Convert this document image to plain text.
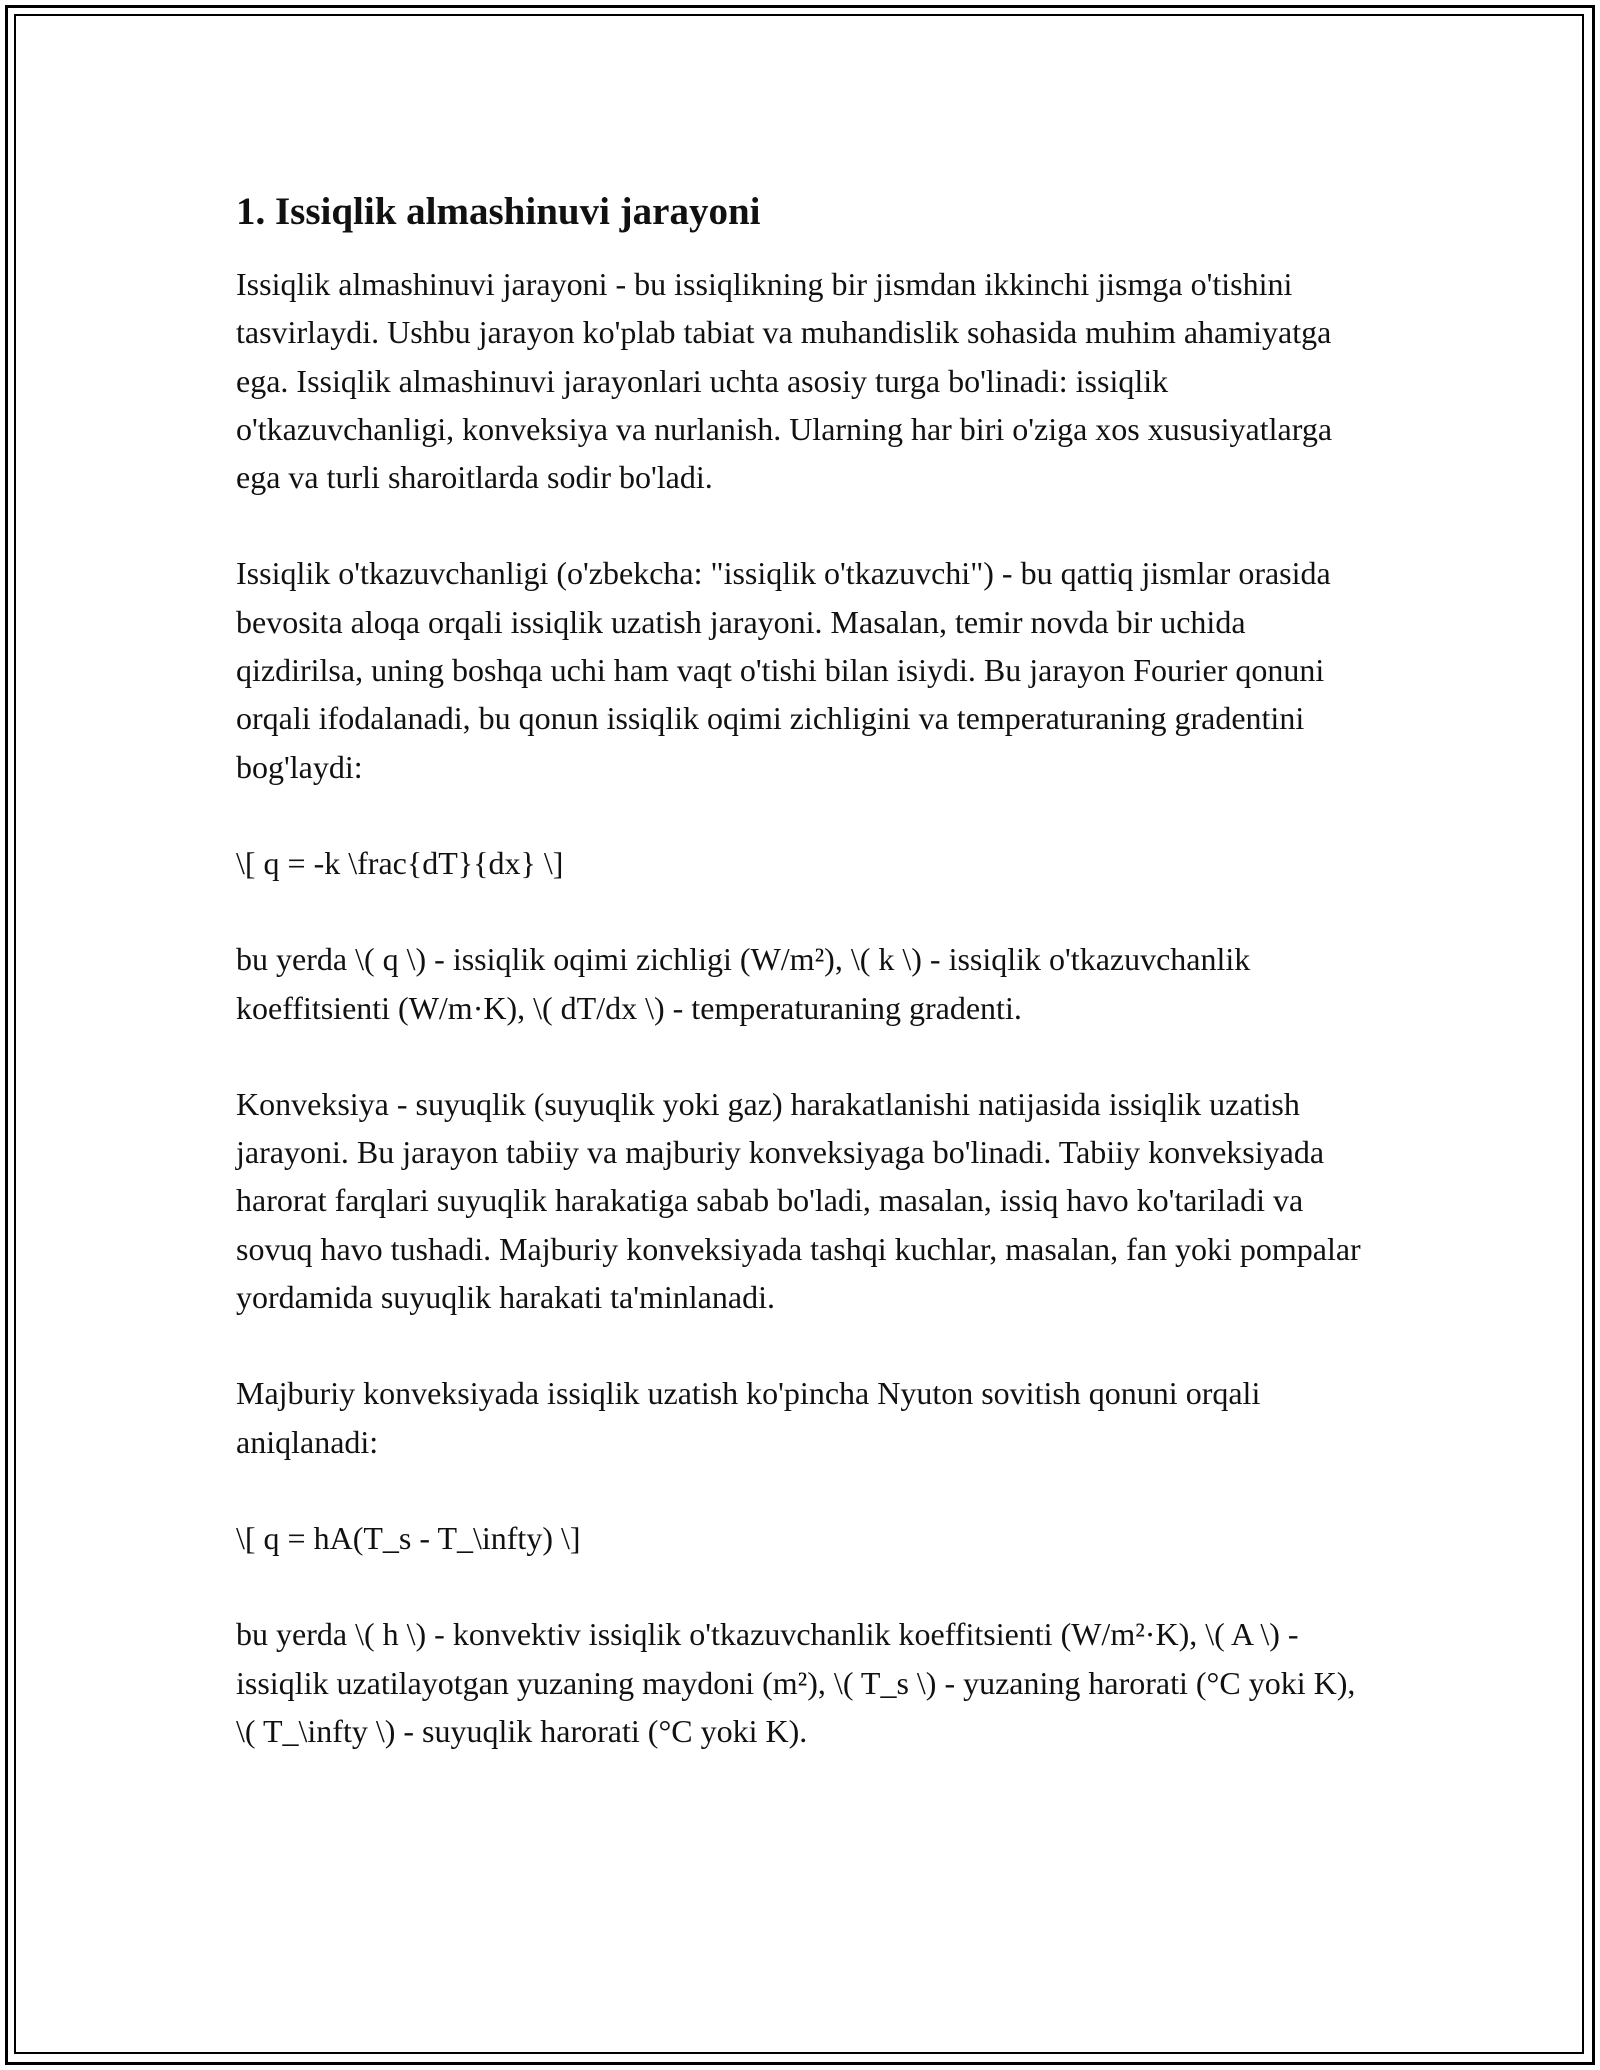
1. Issiqlik almashinuvi jarayoni

Issiqlik almashinuvi jarayoni - bu issiqlikning bir jismdan ikkinchi jismga o'tishini tasvirlaydi. Ushbu jarayon ko'plab tabiat va muhandislik sohasida muhim ahamiyatga ega. Issiqlik almashinuvi jarayonlari uchta asosiy turga bo'linadi: issiqlik o'tkazuvchanligi, konveksiya va nurlanish. Ularning har biri o'ziga xos xususiyatlarga ega va turli sharoitlarda sodir bo'ladi.

Issiqlik o'tkazuvchanligi (o'zbekcha: "issiqlik o'tkazuvchi") - bu qattiq jismlar orasida bevosita aloqa orqali issiqlik uzatish jarayoni. Masalan, temir novda bir uchida qizdirilsa, uning boshqa uchi ham vaqt o'tishi bilan isiydi. Bu jarayon Fourier qonuni orqali ifodalanadi, bu qonun issiqlik oqimi zichligini va temperaturaning gradentini bog'laydi:

\[ q = -k \frac{dT}{dx} \]

bu yerda \( q \) - issiqlik oqimi zichligi (W/m²), \( k \) - issiqlik o'tkazuvchanlik koeffitsienti (W/m·K), \( dT/dx \) - temperaturaning gradenti.

Konveksiya - suyuqlik (suyuqlik yoki gaz) harakatlanishi natijasida issiqlik uzatish jarayoni. Bu jarayon tabiiy va majburiy konveksiyaga bo'linadi. Tabiiy konveksiyada harorat farqlari suyuqlik harakatiga sabab bo'ladi, masalan, issiq havo ko'tariladi va sovuq havo tushadi. Majburiy konveksiyada tashqi kuchlar, masalan, fan yoki pompalar yordamida suyuqlik harakati ta'minlanadi.

Majburiy konveksiyada issiqlik uzatish ko'pincha Nyuton sovitish qonuni orqali aniqlanadi:

\[ q = hA(T_s - T_\infty) \]

bu yerda \( h \) - konvektiv issiqlik o'tkazuvchanlik koeffitsienti (W/m²·K), \( A \) - issiqlik uzatilayotgan yuzaning maydoni (m²), \( T_s \) - yuzaning harorati (°C yoki K), \( T_\infty \) - suyuqlik harorati (°C yoki K).
